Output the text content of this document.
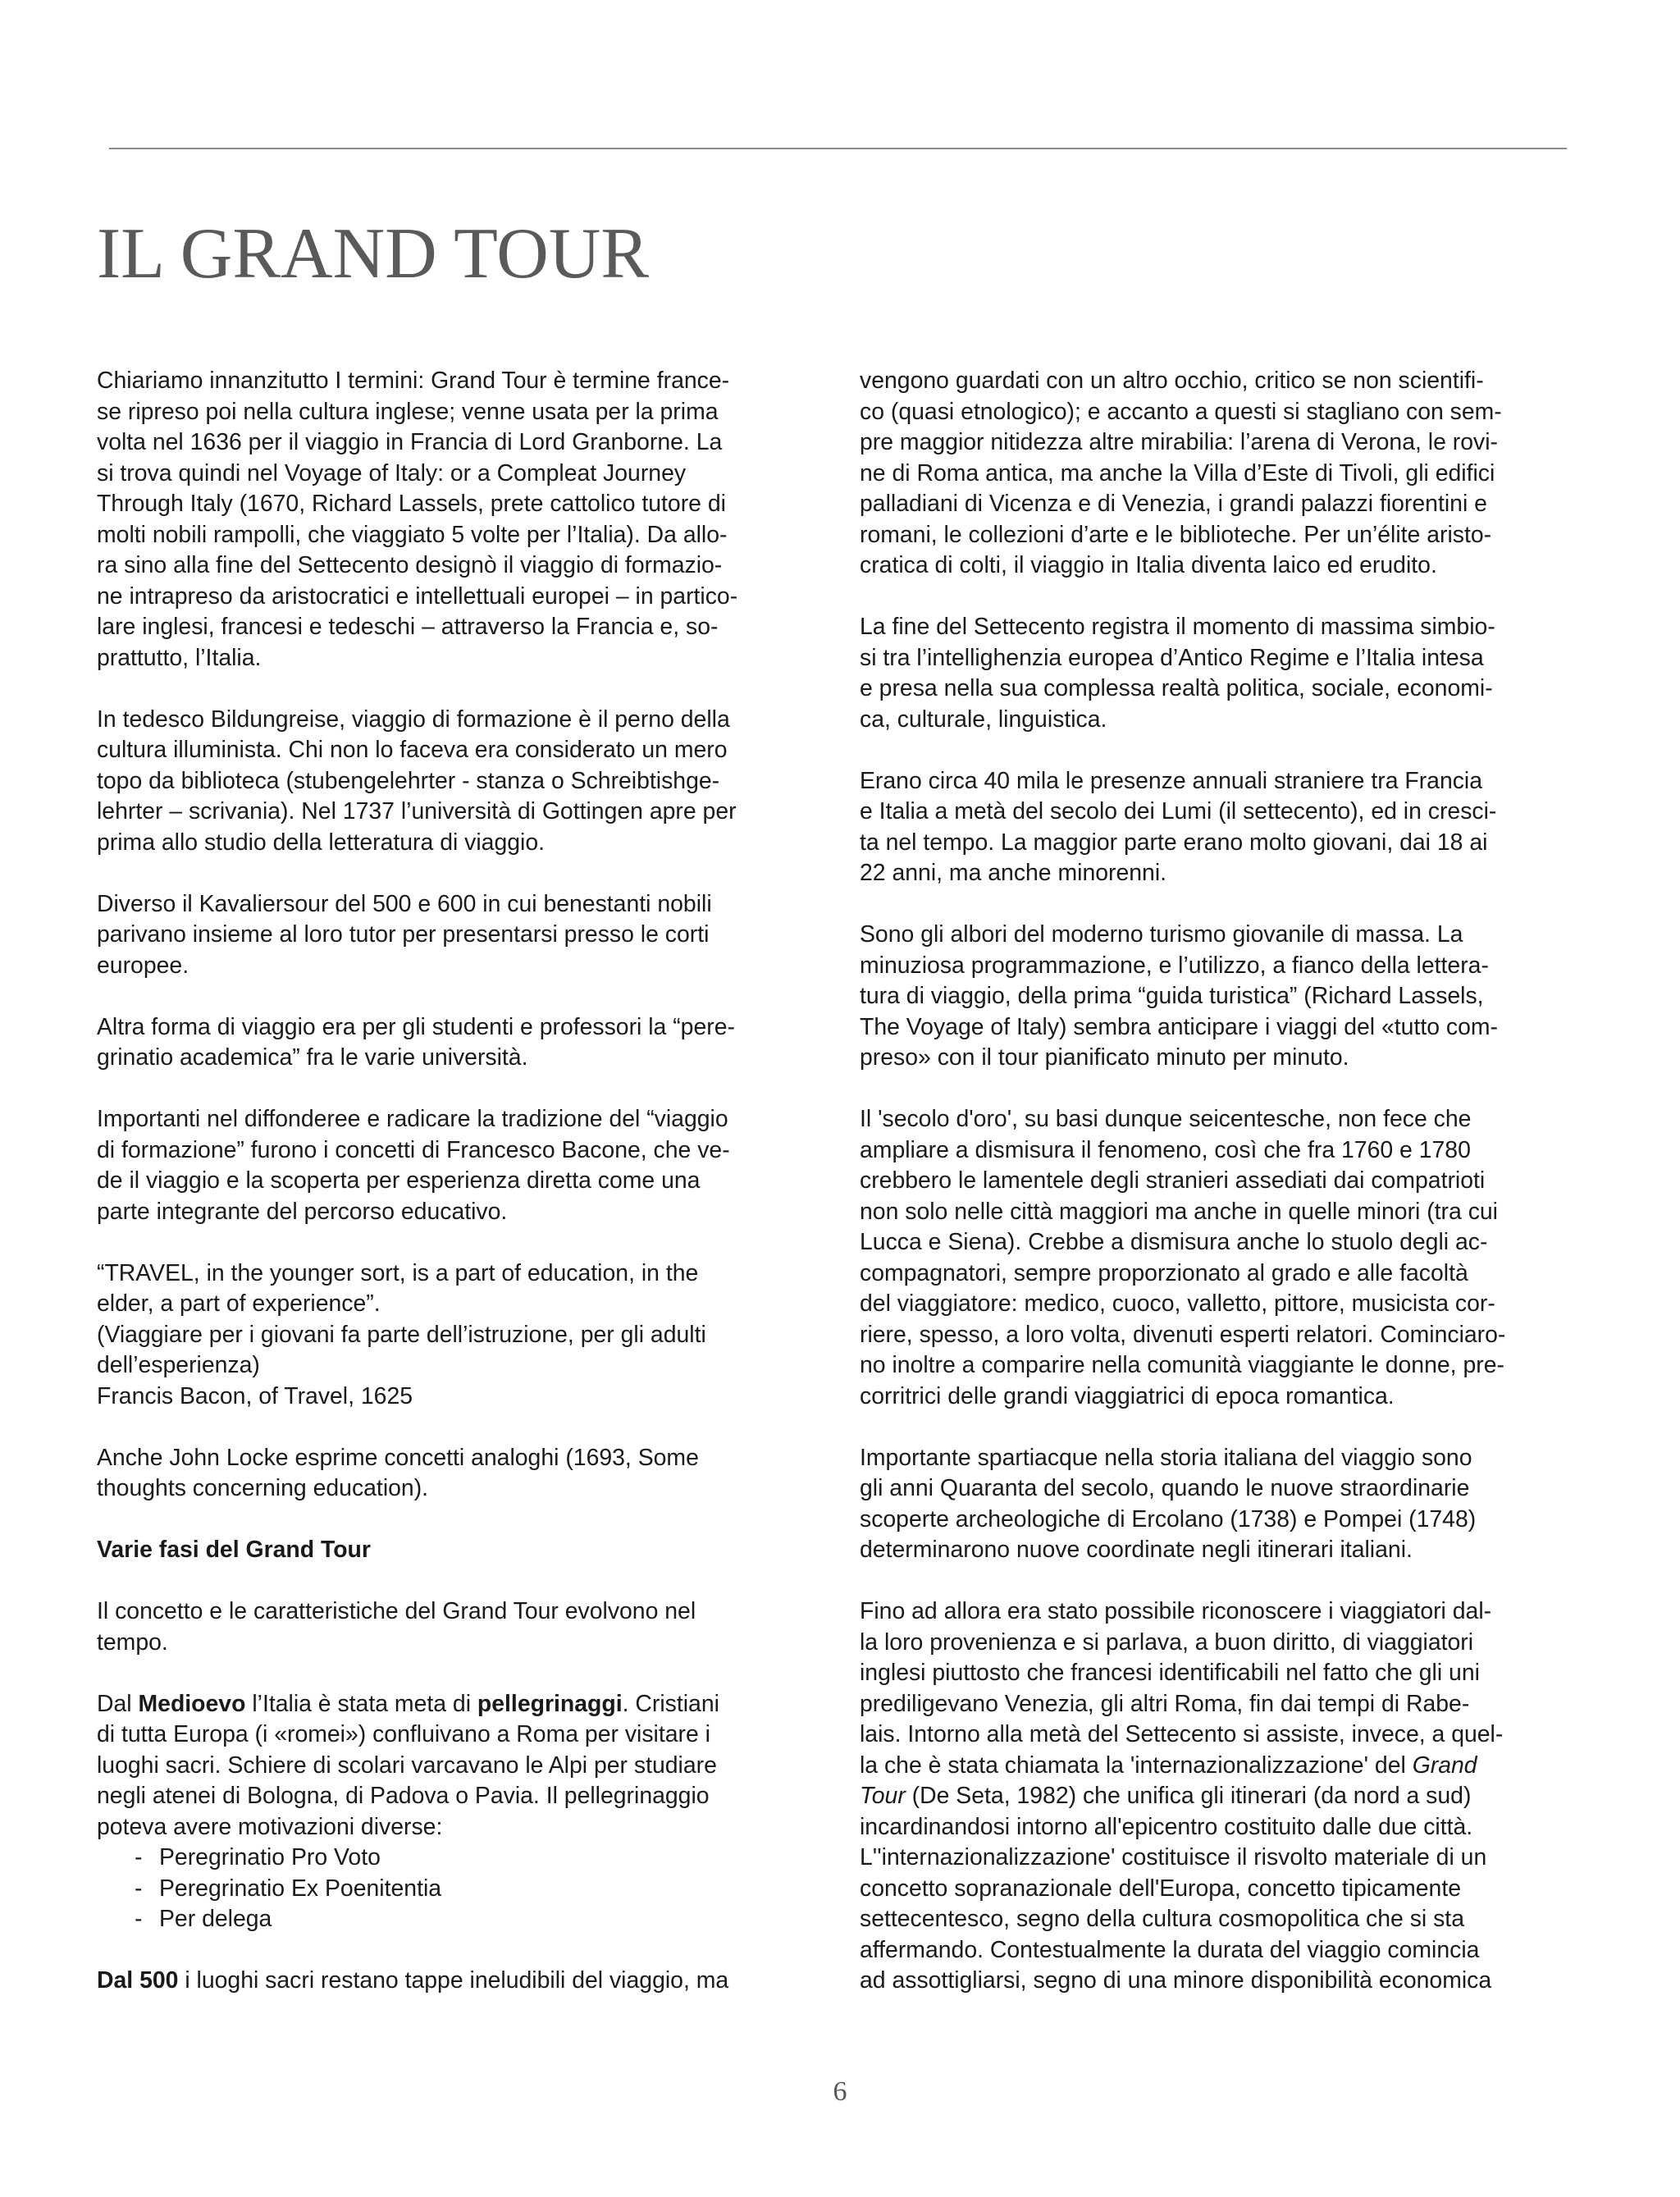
IL GRAND TOUR

Chiariamo innanzitutto I termini: Grand Tour è termine france-
se ripreso poi nella cultura inglese; venne usata per la prima
volta nel 1636 per il viaggio in Francia di Lord Granborne. La
si trova quindi nel Voyage of Italy: or a Compleat Journey
Through Italy (1670, Richard Lassels, prete cattolico tutore di
molti nobili rampolli, che viaggiato 5 volte per l’Italia). Da allo-
ra sino alla fine del Settecento designò il viaggio di formazio-
ne intrapreso da aristocratici e intellettuali europei – in partico-
lare inglesi, francesi e tedeschi – attraverso la Francia e, so-
prattutto, l’Italia.

In tedesco Bildungreise, viaggio di formazione è il perno della
cultura illuminista. Chi non lo faceva era considerato un mero
topo da biblioteca (stubengelehrter - stanza o Schreibtishge-
lehrter – scrivania). Nel 1737 l’università di Gottingen apre per
prima allo studio della letteratura di viaggio.

Diverso il Kavaliersour del 500 e 600 in cui benestanti nobili
parivano insieme al loro tutor per presentarsi presso le corti
europee.

Altra forma di viaggio era per gli studenti e professori la “pere-
grinatio academica” fra le varie università.

Importanti nel diffonderee e radicare la tradizione del “viaggio
di formazione” furono i concetti di Francesco Bacone, che ve-
de il viaggio e la scoperta per esperienza diretta come una
parte integrante del percorso educativo.

“TRAVEL, in the younger sort, is a part of education, in the
elder, a part of experience”.
(Viaggiare per i giovani fa parte dell’istruzione, per gli adulti
dell’esperienza)
Francis Bacon, of Travel, 1625

Anche John Locke esprime concetti analoghi (1693, Some
thoughts concerning education).

Varie fasi del Grand Tour

Il concetto e le caratteristiche del Grand Tour evolvono nel
tempo.

Dal Medioevo l’Italia è stata meta di pellegrinaggi. Cristiani
di tutta Europa (i «romei») confluivano a Roma per visitare i
luoghi sacri. Schiere di scolari varcavano le Alpi per studiare
negli atenei di Bologna, di Padova o Pavia. Il pellegrinaggio
poteva avere motivazioni diverse:

- Peregrinatio Pro Voto
- Peregrinatio Ex Poenitentia
- Per delega

Dal 500 i luoghi sacri restano tappe ineludibili del viaggio, ma

vengono guardati con un altro occhio, critico se non scientifi-
co (quasi etnologico); e accanto a questi si stagliano con sem-
pre maggior nitidezza altre mirabilia: l’arena di Verona, le rovi-
ne di Roma antica, ma anche la Villa d’Este di Tivoli, gli edifici
palladiani di Vicenza e di Venezia, i grandi palazzi fiorentini e
romani, le collezioni d’arte e le biblioteche. Per un’élite aristo-
cratica di colti, il viaggio in Italia diventa laico ed erudito.

La fine del Settecento registra il momento di massima simbio-
si tra l’intellighenzia europea d’Antico Regime e l’Italia intesa
e presa nella sua complessa realtà politica, sociale, economi-
ca, culturale, linguistica.

Erano circa 40 mila le presenze annuali straniere tra Francia
e Italia a metà del secolo dei Lumi (il settecento), ed in cresci-
ta nel tempo. La maggior parte erano molto giovani, dai 18 ai
22 anni, ma anche minorenni.

Sono gli albori del moderno turismo giovanile di massa. La
minuziosa programmazione, e l’utilizzo, a fianco della lettera-
tura di viaggio, della prima “guida turistica” (Richard Lassels,
The Voyage of Italy) sembra anticipare i viaggi del «tutto com-
preso» con il tour pianificato minuto per minuto.

Il 'secolo d'oro', su basi dunque seicentesche, non fece che
ampliare a dismisura il fenomeno, così che fra 1760 e 1780
crebbero le lamentele degli stranieri assediati dai compatrioti
non solo nelle città maggiori ma anche in quelle minori (tra cui
Lucca e Siena). Crebbe a dismisura anche lo stuolo degli ac-
compagnatori, sempre proporzionato al grado e alle facoltà
del viaggiatore: medico, cuoco, valletto, pittore, musicista cor-
riere, spesso, a loro volta, divenuti esperti relatori. Cominciaro-
no inoltre a comparire nella comunità viaggiante le donne, pre-
corritrici delle grandi viaggiatrici di epoca romantica.

Importante spartiacque nella storia italiana del viaggio sono
gli anni Quaranta del secolo, quando le nuove straordinarie
scoperte archeologiche di Ercolano (1738) e Pompei (1748)
determinarono nuove coordinate negli itinerari italiani.

Fino ad allora era stato possibile riconoscere i viaggiatori dal-
la loro provenienza e si parlava, a buon diritto, di viaggiatori
inglesi piuttosto che francesi identificabili nel fatto che gli uni
prediligevano Venezia, gli altri Roma, fin dai tempi di Rabe-
lais. Intorno alla metà del Settecento si assiste, invece, a quel-
la che è stata chiamata la 'internazionalizzazione' del Grand
Tour (De Seta, 1982) che unifica gli itinerari (da nord a sud)
incardinandosi intorno all'epicentro costituito dalle due città.
L''internazionalizzazione' costituisce il risvolto materiale di un
concetto sopranazionale dell'Europa, concetto tipicamente
settecentesco, segno della cultura cosmopolitica che si sta
affermando. Contestualmente la durata del viaggio comincia
ad assottigliarsi, segno di una minore disponibilità economica

6
